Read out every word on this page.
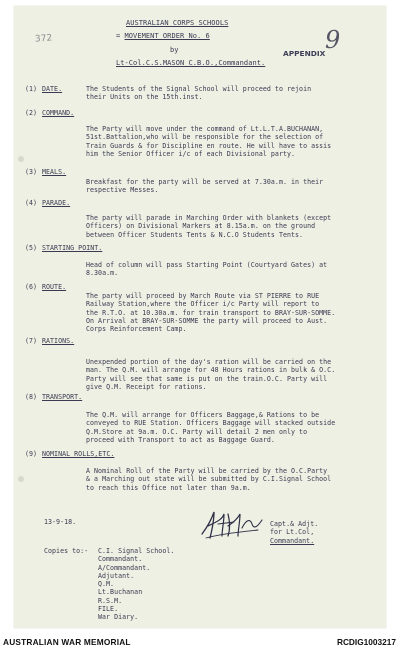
AUSTRALIAN CORPS SCHOOLS
= MOVEMENT ORDER No. 6
by
Lt-Col.C.S.MASON C.B.O.,Commandant.
372	9
APPENDIX
(1) DATE.	The Students of the Signal School will proceed to rejoin
their Units on the 15th.inst.
(2) COMMAND.
The Party will move under the command of Lt.L.T.A.BUCHANAN,
51st.Battalion,who will be responsible for the selection of
Train Guards & for Discipline en route. He will have to assis
him the Senior Officer i/c of each Divisional party.
(3) MEALS.
Breakfast for the party will be served at 7.30a.m. in their
respective Messes.
(4) PARADE.
The party will parade in Marching Order with blankets (except
Officers) on Divisional Markers at 8.15a.m. on the ground
between Officer Students Tents & N.C.O Students Tents.
(5) STARTING POINT.
Head of column will pass Starting Point (Courtyard Gates) at
8.30a.m.
(6) ROUTE.
The party will proceed by March Route via ST PIERRE to RUE
Railway Station,where the Officer i/c Party will report to
the R.T.O. at 10.30a.m. for train transport to BRAY-SUR-SOMME.
On Arrival at BRAY-SUR-SOMME the party will proceed to Aust.
Corps Reinforcement Camp.
(7) RATIONS.
Unexpended portion of the day's ration will be carried on the
man. The Q.M. will arrange for 48 Hours rations in bulk & O.C.
Party will see that same is put on the train.O.C. Party will
give Q.M. Receipt for rations.
(8) TRANSPORT.
The Q.M. will arrange for Officers Baggage,& Rations to be
conveyed to RUE Station. Officers Baggage will stacked outside
Q.M.Store at 9a.m. O.C. Party will detail 2 men only to
proceed with Transport to act as Baggage Guard.
(9) NOMINAL ROLLS,ETC.
A Nominal Roll of the Party will be carried by the O.C.Party
& a Marching out state will be submitted by C.I.Signal School
to reach this Office not later than 9a.m.
13-9-18.	Capt.& Adjt.
for Lt.Col,
Commandant.
Copies to:- C.I. Signal School.
Commandant.
A/Commandant.
Adjutant.
Q.M.
Lt.Buchanan
R.S.M.
FILE.
War Diary.
AUSTRALIAN WAR MEMORIAL	RCDIG1003217
